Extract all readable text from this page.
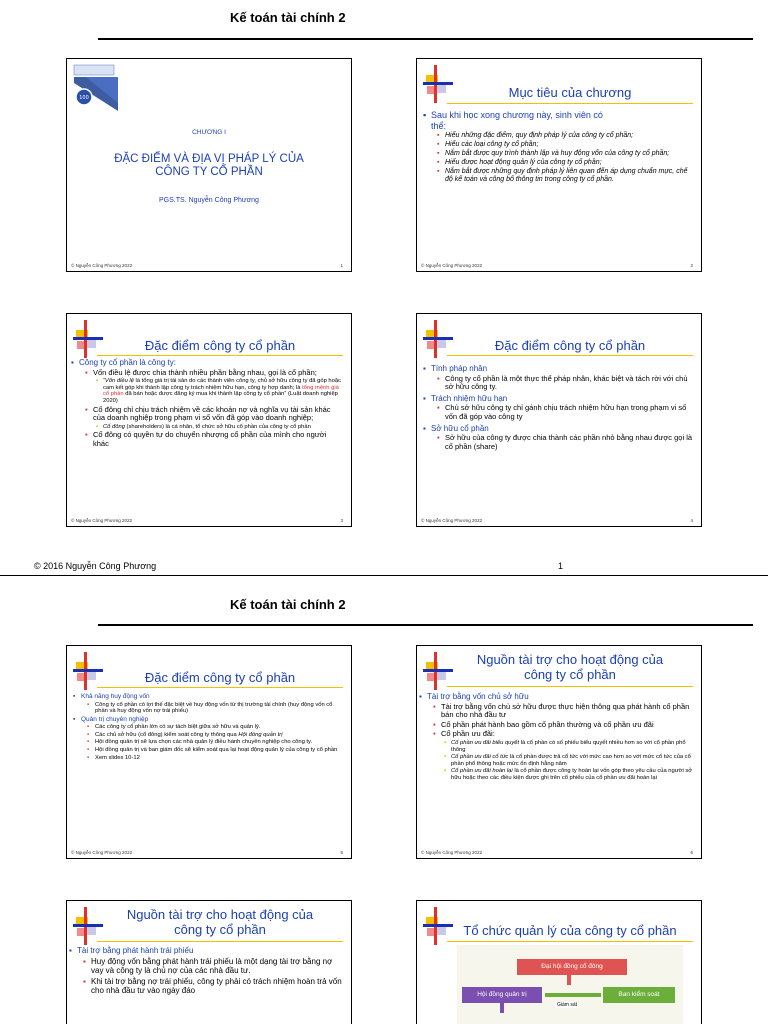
Kế toán tài chính 2
100
CHƯƠNG I
ĐẶC ĐIỂM VÀ ĐỊA VỊ PHÁP LÝ CỦA
CÔNG TY CỔ PHẦN
PGS.TS. Nguyễn Công Phương
© Nguyễn Công Phương 2022	1
Mục tiêu của chương
▪ Sau khi học xong chương này, sinh viên có
thể:
▪ Hiểu những đặc điểm, quy định pháp lý của công ty cổ phần;
▪ Hiểu các loại công ty cổ phần;
▪ Nắm bắt được quy trình thành lập và huy động vốn của công ty cổ phần;
▪ Hiểu được hoạt động quản lý của công ty cổ phần;
▪ Nắm bắt được những quy định pháp lý liên quan đến áp dụng chuẩn mực, chế độ kế toán và công bố thông tin trong công ty cổ phần.
© Nguyễn Công Phương 2022	2
Đặc điểm công ty cổ phần
▪ Công ty cổ phần là công ty:
▪ Vốn điều lệ được chia thành nhiều phần bằng nhau, gọi là cổ phần;
▪ “Vốn điều lệ là tổng giá trị tài sản do các thành viên công ty, chủ sở hữu công ty đã góp hoặc cam kết góp khi thành lập công ty trách nhiệm hữu hạn, công ty hợp danh; là tổng mệnh giá cổ phần đã bán hoặc được đăng ký mua khi thành lập công ty cổ phần” (Luật doanh nghiệp 2020)
▪ Cổ đông chỉ chịu trách nhiệm về các khoản nợ và nghĩa vụ tài sản khác của doanh nghiệp trong phạm vi số vốn đã góp vào doanh nghiệp;
▪ Cổ đông (shareholders) là cá nhân, tổ chức sở hữu cổ phần của công ty cổ phần
▪ Cổ đông có quyền tự do chuyển nhượng cổ phần của mình cho người khác
© Nguyễn Công Phương 2022	3
Đặc điểm công ty cổ phần
▪ Tính pháp nhân
▪ Công ty cổ phần là một thực thể pháp nhân, khác biệt và tách rời với chủ sở hữu công ty.
▪ Trách nhiệm hữu hạn
▪ Chủ sở hữu công ty chỉ gánh chịu trách nhiệm hữu hạn trong phạm vi số vốn đã góp vào công ty
▪ Sở hữu cổ phần
▪ Sở hữu của công ty được chia thành các phần nhỏ bằng nhau được gọi là cổ phần (share)
© Nguyễn Công Phương 2022	4
© 2016 Nguyễn Công Phương	1
Kế toán tài chính 2
Đặc điểm công ty cổ phần
▪ Khả năng huy động vốn
▪ Công ty cổ phần có lợi thế đặc biệt về huy động vốn từ thị trường tài chính (huy động vốn cổ phần và huy động vốn nợ trái phiếu)
▪ Quản trị chuyên nghiệp
▪ Các công ty cổ phần lớn có sự tách biệt giữa sở hữu và quản lý.
▪ Các chủ sở hữu (cổ đông) kiểm soát công ty thông qua Hội đồng quản trị
▪ Hội đồng quản trị sẽ lựa chọn các nhà quản lý điều hành chuyên nghiệp cho công ty.
▪ Hội đồng quản trị và ban giám đốc sẽ kiểm soát qua lại hoạt động quản lý của công ty cổ phần
▪ Xem slides 10-12
© Nguyễn Công Phương 2022	5
Nguồn tài trợ cho hoạt động của
công ty cổ phần
▪ Tài trợ bằng vốn chủ sở hữu
▪ Tài trợ bằng vốn chủ sở hữu được thực hiện thông qua phát hành cổ phần bán cho nhà đầu tư
▪ Cổ phần phát hành bao gồm cổ phần thường và cổ phần ưu đãi
▪ Cổ phần ưu đãi:
▪ Cổ phần ưu đãi biểu quyết là cổ phần có số phiếu biểu quyết nhiều hơn so với cổ phần phổ thông
▪ Cổ phần ưu đãi cổ tức là cổ phần được trả cổ tức với mức cao hơn so với mức cổ tức của cổ phần phổ thông hoặc mức ổn định hằng năm
▪ Cổ phần ưu đãi hoàn lại là cổ phần được công ty hoàn lại vốn góp theo yêu cầu của người sở hữu hoặc theo các điều kiện được ghi trên cổ phiếu của cổ phần ưu đãi hoàn lại
© Nguyễn Công Phương 2022	6
Nguồn tài trợ cho hoạt động của
công ty cổ phần
▪ Tài trợ bằng phát hành trái phiếu
▪ Huy động vốn bằng phát hành trái phiếu là một dạng tài trợ bằng nợ vay và công ty là chủ nợ của các nhà đầu tư.
▪ Khi tài trợ bằng nợ trái phiếu, công ty phải có trách nhiệm hoàn trả vốn cho nhà đầu tư vào ngày đáo
Tổ chức quản lý của công ty cổ phần
Đại hội đồng cổ đông
Hội đồng quản trị	Ban kiểm soát
Giám sát
